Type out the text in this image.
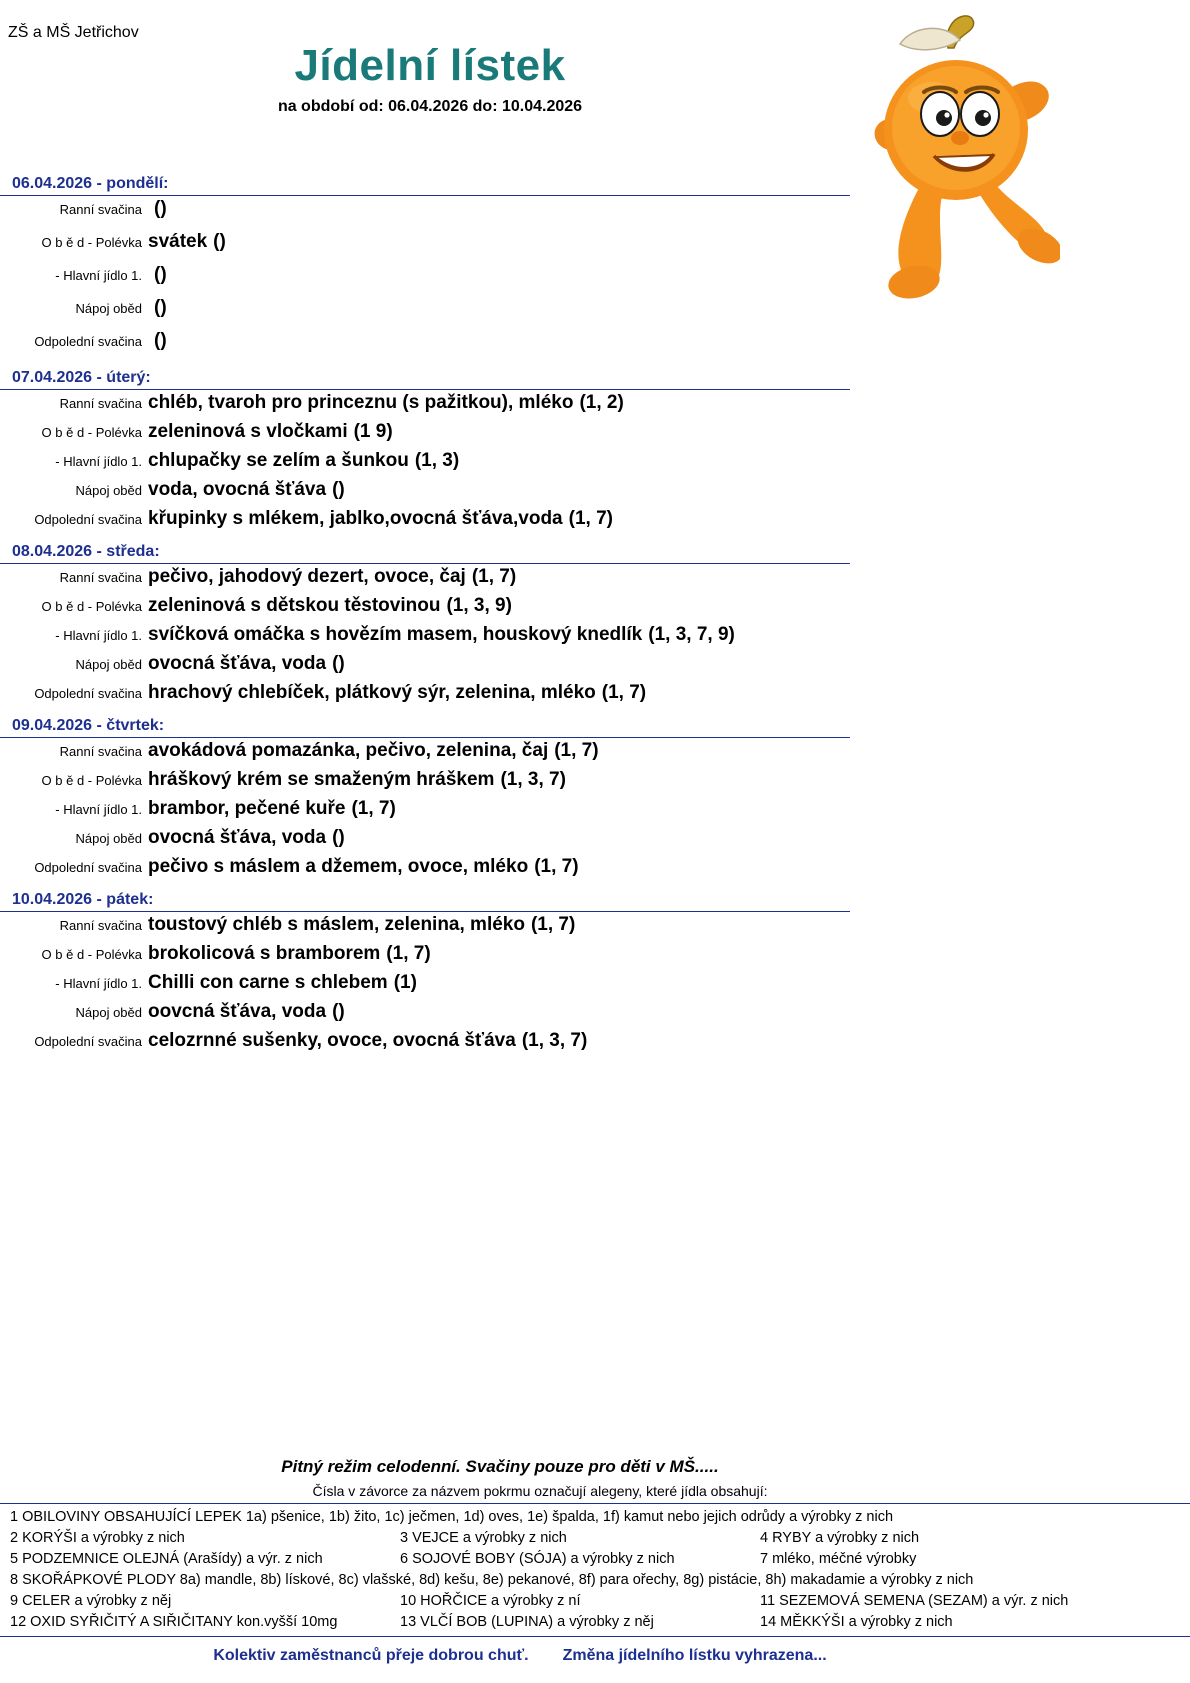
ZŠ a MŠ Jetřichov
Jídelní lístek
na období od: 06.04.2026 do: 10.04.2026
06.04.2026 - pondělí:
Ranní svačina ()
O b ě d - Polévka svátek ()
- Hlavní jídlo 1. ()
Nápoj oběd ()
Odpolední svačina ()
07.04.2026 - úterý:
Ranní svačina chléb, tvaroh pro princeznu (s pažitkou), mléko (1, 2)
O b ě d - Polévka zeleninová s vločkami (1 9)
- Hlavní jídlo 1. chlupačky se zelím a šunkou (1, 3)
Nápoj oběd voda, ovocná šťáva ()
Odpolední svačina křupinky s mlékem, jablko,ovocná šťáva,voda (1, 7)
08.04.2026 - středa:
Ranní svačina pečivo, jahodový dezert, ovoce, čaj (1, 7)
O b ě d - Polévka zeleninová s dětskou těstovinou (1, 3, 9)
- Hlavní jídlo 1. svíčková omáčka s hovězím masem, houskový knedlík (1, 3, 7, 9)
Nápoj oběd ovocná šťáva, voda ()
Odpolední svačina hrachový chlebíček, plátkový sýr, zelenina, mléko (1, 7)
09.04.2026 - čtvrtek:
Ranní svačina avokádová pomazánka, pečivo, zelenina, čaj (1, 7)
O b ě d - Polévka hráškový krém se smaženým hráškem (1, 3, 7)
- Hlavní jídlo 1. brambor, pečené kuře (1, 7)
Nápoj oběd ovocná šťáva, voda ()
Odpolední svačina pečivo s máslem a džemem, ovoce, mléko (1, 7)
10.04.2026 - pátek:
Ranní svačina toustový chléb s máslem, zelenina, mléko (1, 7)
O b ě d - Polévka brokolicová s bramborem (1, 7)
- Hlavní jídlo 1. Chilli con carne s chlebem (1)
Nápoj oběd oovcná šťáva, voda ()
Odpolední svačina celozrnné sušenky, ovoce, ovocná šťáva (1, 3, 7)
Pitný režim celodenní. Svačiny pouze pro děti v MŠ.....
Čísla v závorce za názvem pokrmu označují alegeny, které jídla obsahují:
1 OBILOVINY OBSAHUJÍCÍ LEPEK 1a) pšenice, 1b) žito, 1c) ječmen, 1d) oves, 1e) špalda, 1f) kamut nebo jejich odrůdy a výrobky z nich
2 KORÝŠI a výrobky z nich	3 VEJCE a výrobky z nich	4 RYBY a výrobky z nich
5 PODZEMNICE OLEJNÁ (Arašídy) a výr. z nich	6 SOJOVÉ BOBY (SÓJA) a výrobky z nich	7 mléko, méčné výrobky
8 SKOŘÁPKOVÉ PLODY 8a) mandle, 8b) lískové, 8c) vlašské, 8d) kešu, 8e) pekanové, 8f) para ořechy, 8g) pistácie, 8h) makadamie a výrobky z nich
9 CELER a výrobky z něj	10 HOŘČICE a výrobky z ní	11 SEZEMOVÁ SEMENA (SEZAM) a výr. z nich
12 OXID SYŘIČITÝ A SIŘIČITANY kon.vyšší 10mg	13 VLČÍ BOB (LUPINA) a výrobky z něj	14 MĚKKÝŠI a výrobky z nich
Kolektiv zaměstnanců přeje dobrou chuť. Změna jídelního lístku vyhrazena...
